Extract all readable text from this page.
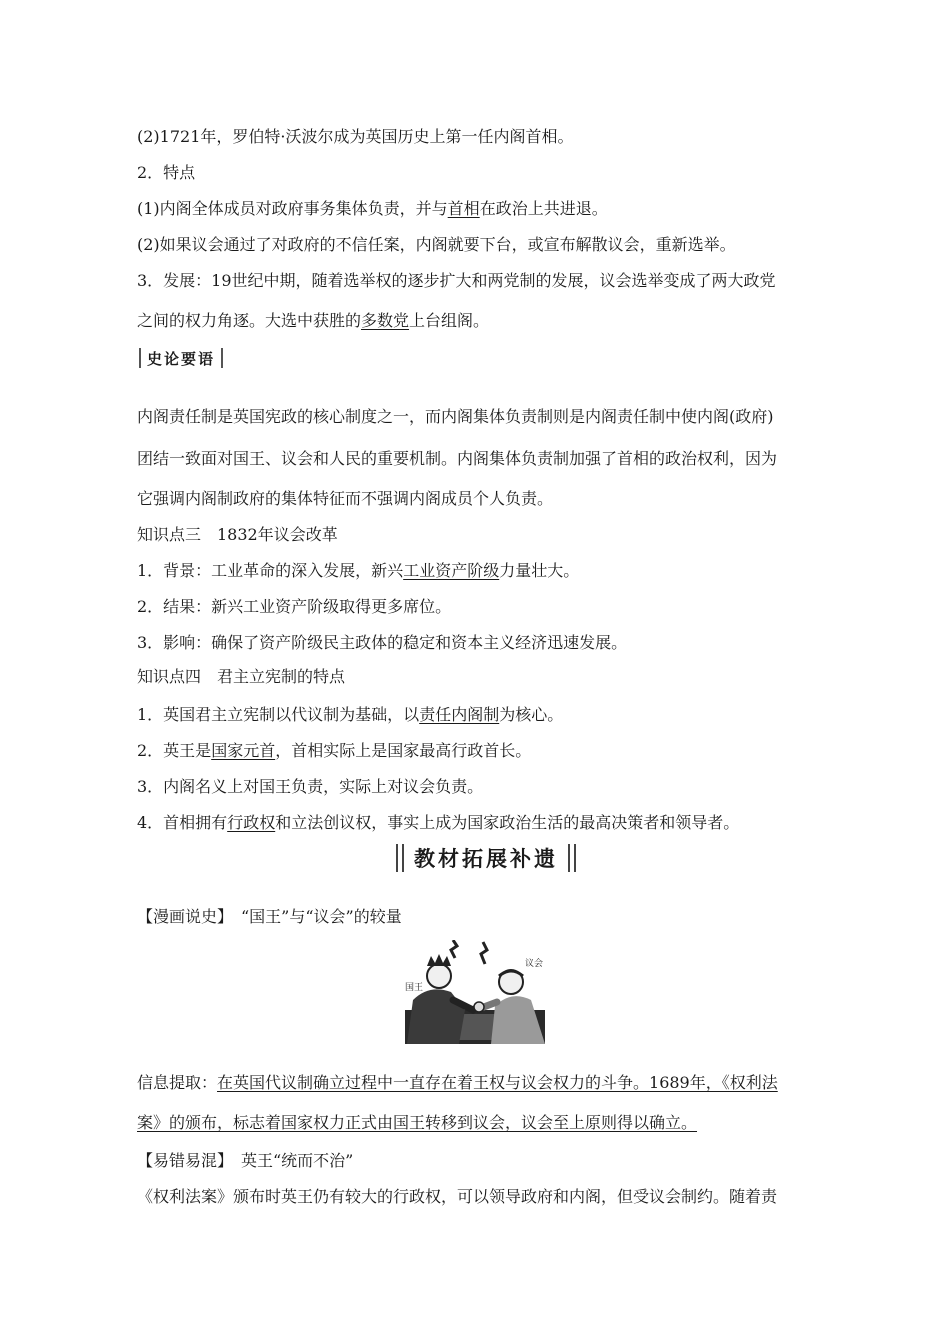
(2)1721年，罗伯特·沃波尔成为英国历史上第一任内阁首相。
2．特点
(1)内阁全体成员对政府事务集体负责，并与首相在政治上共进退。
(2)如果议会通过了对政府的不信任案，内阁就要下台，或宣布解散议会，重新选举。
3．发展：19世纪中期，随着选举权的逐步扩大和两党制的发展，议会选举变成了两大政党
之间的权力角逐。大选中获胜的多数党上台组阁。
史论要语
内阁责任制是英国宪政的核心制度之一，而内阁集体负责制则是内阁责任制中使内阁(政府)
团结一致面对国王、议会和人民的重要机制。内阁集体负责制加强了首相的政治权利，因为
它强调内阁制政府的集体特征而不强调内阁成员个人负责。
知识点三　1832年议会改革
1．背景：工业革命的深入发展，新兴工业资产阶级力量壮大。
2．结果：新兴工业资产阶级取得更多席位。
3．影响：确保了资产阶级民主政体的稳定和资本主义经济迅速发展。
知识点四　君主立宪制的特点
1．英国君主立宪制以代议制为基础，以责任内阁制为核心。
2．英王是国家元首，首相实际上是国家最高行政首长。
3．内阁名义上对国王负责，实际上对议会负责。
4．首相拥有行政权和立法创议权，事实上成为国家政治生活的最高决策者和领导者。
教材拓展补遗
【漫画说史】　“国王”与“议会”的较量
国王
议会
信息提取：在英国代议制确立过程中一直存在着王权与议会权力的斗争。1689年，《权利法
案》的颁布，标志着国家权力正式由国王转移到议会，议会至上原则得以确立。
【易错易混】　英王“统而不治”
《权利法案》颁布时英王仍有较大的行政权，可以领导政府和内阁，但受议会制约。随着责
